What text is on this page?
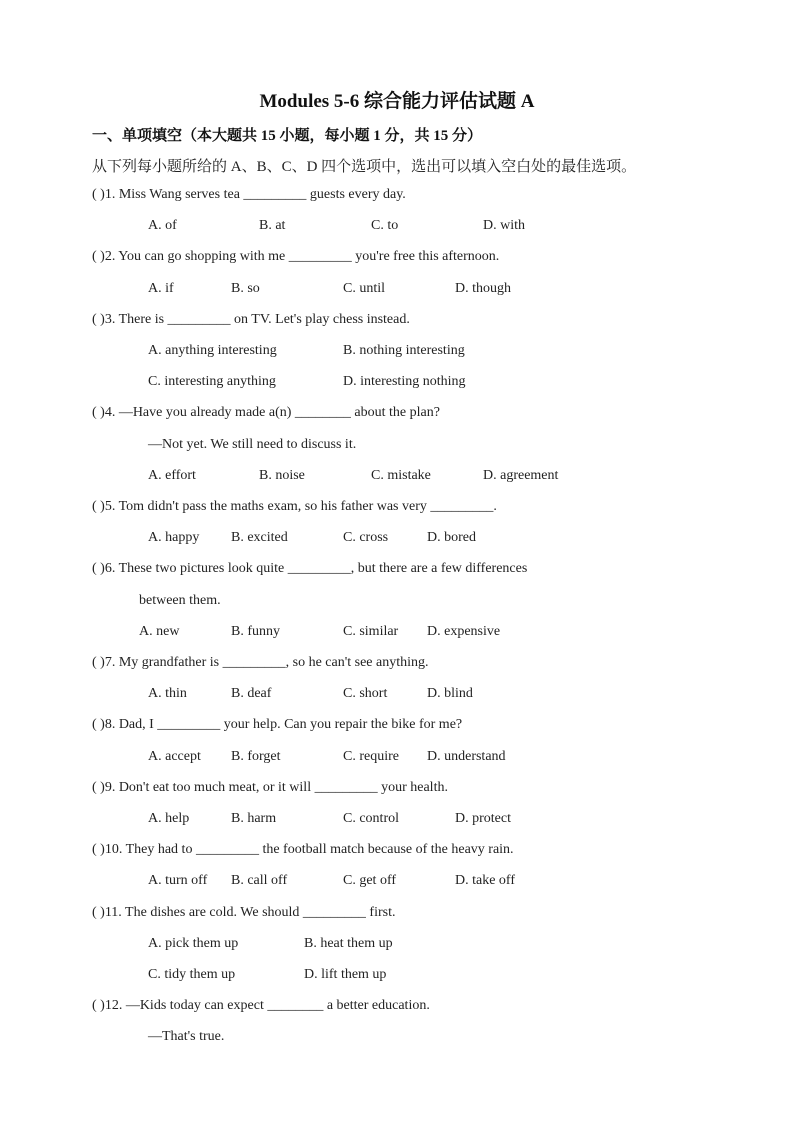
Modules 5-6 综合能力评估试题 A
一、单项填空（本大题共 15 小题，每小题 1 分，共 15 分）
从下列每小题所给的 A、B、C、D 四个选项中，选出可以填入空白处的最佳选项。
( )1. Miss Wang serves tea _________ guests every day.
A. of	B. at	C. to	D. with
( )2. You can go shopping with me _________ you're free this afternoon.
A. if	B. so	C. until	D. though
( )3. There is _________ on TV. Let's play chess instead.
A. anything interesting	B. nothing interesting
C. interesting anything	D. interesting nothing
( )4. —Have you already made a(n) ________ about the plan?
—Not yet. We still need to discuss it.
A. effort	B. noise	C. mistake	D. agreement
( )5. Tom didn't pass the maths exam, so his father was very _________.
A. happy B. excited	C. cross	D. bored
( )6. These two pictures look quite _________, but there are a few differences
between them.
A. new	B. funny	C. similar D. expensive
( )7. My grandfather is _________, so he can't see anything.
A. thin	B. deaf	C. short	D. blind
( )8. Dad, I _________ your help. Can you repair the bike for me?
A. accept B. forget	C. require D. understand
( )9. Don't eat too much meat, or it will _________ your health.
A. help	B. harm	C. control	D. protect
( )10. They had to _________ the football match because of the heavy rain.
A. turn off B. call off	C. get off	D. take off
( )11. The dishes are cold. We should _________ first.
A. pick them up	B. heat them up
C. tidy them up	D. lift them up
( )12. —Kids today can expect ________ a better education.
—That's true.
